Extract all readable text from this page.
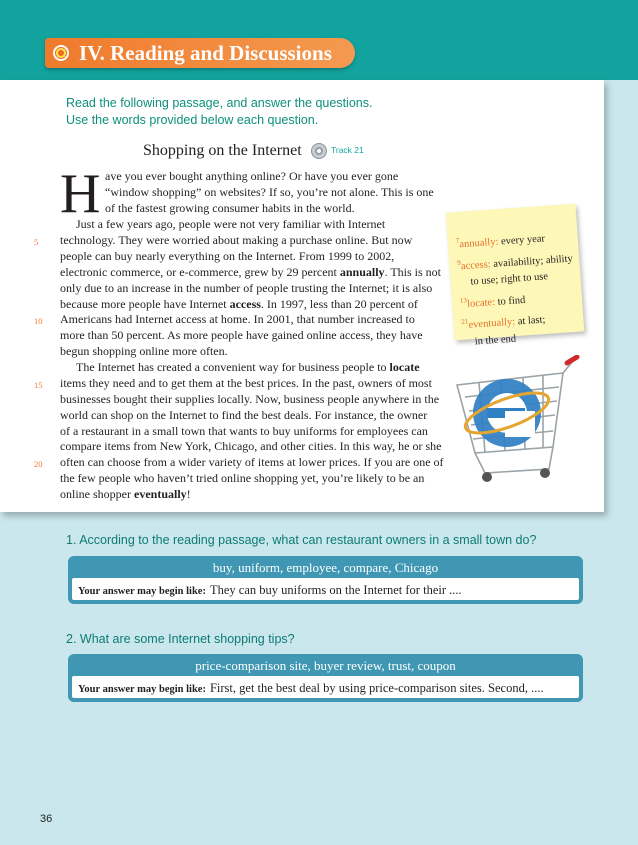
IV. Reading and Discussions
Read the following passage, and answer the questions.
Use the words provided below each question.
Shopping on the Internet	Track 21
H ave you ever bought anything online? Or have you ever gone
“window shopping” on websites? If so, you’re not alone. This is one
of the fastest growing consumer habits in the world.
Just a few years ago, people were not very familiar with Internet
technology. They were worried about making a purchase online. But now
people can buy nearly everything on the Internet. From 1999 to 2002,
electronic commerce, or e-commerce, grew by 29 percent annually. This is not
only due to an increase in the number of people trusting the Internet; it is also
because more people have Internet access. In 1997, less than 20 percent of
Americans had Internet access at home. In 2001, that number increased to
more than 50 percent. As more people have gained online access, they have
begun shopping online more often.
The Internet has created a convenient way for business people to locate
items they need and to get them at the best prices. In the past, owners of most
businesses bought their supplies locally. Now, business people anywhere in the
world can shop on the Internet to find the best deals. For instance, the owner
of a restaurant in a small town that wants to buy uniforms for employees can
compare items from New York, Chicago, and other cities. In this way, he or she
often can choose from a wider variety of items at lower prices. If you are one of
the few people who haven’t tried online shopping yet, you’re likely to be an
online shopper eventually!
5
10
15
20
$^7$annually: every year
$^9$access: availability; ability
to use; right to use
$^{13}$locate: to find
$^{21}$eventually: at last;
in the end
1. According to the reading passage, what can restaurant owners in a small town do?
buy, uniform, employee, compare, Chicago
Your answer may begin like: They can buy uniforms on the Internet for their ....
2. What are some Internet shopping tips?
price-comparison site, buyer review, trust, coupon
Your answer may begin like: First, get the best deal by using price-comparison sites. Second, ....
36
